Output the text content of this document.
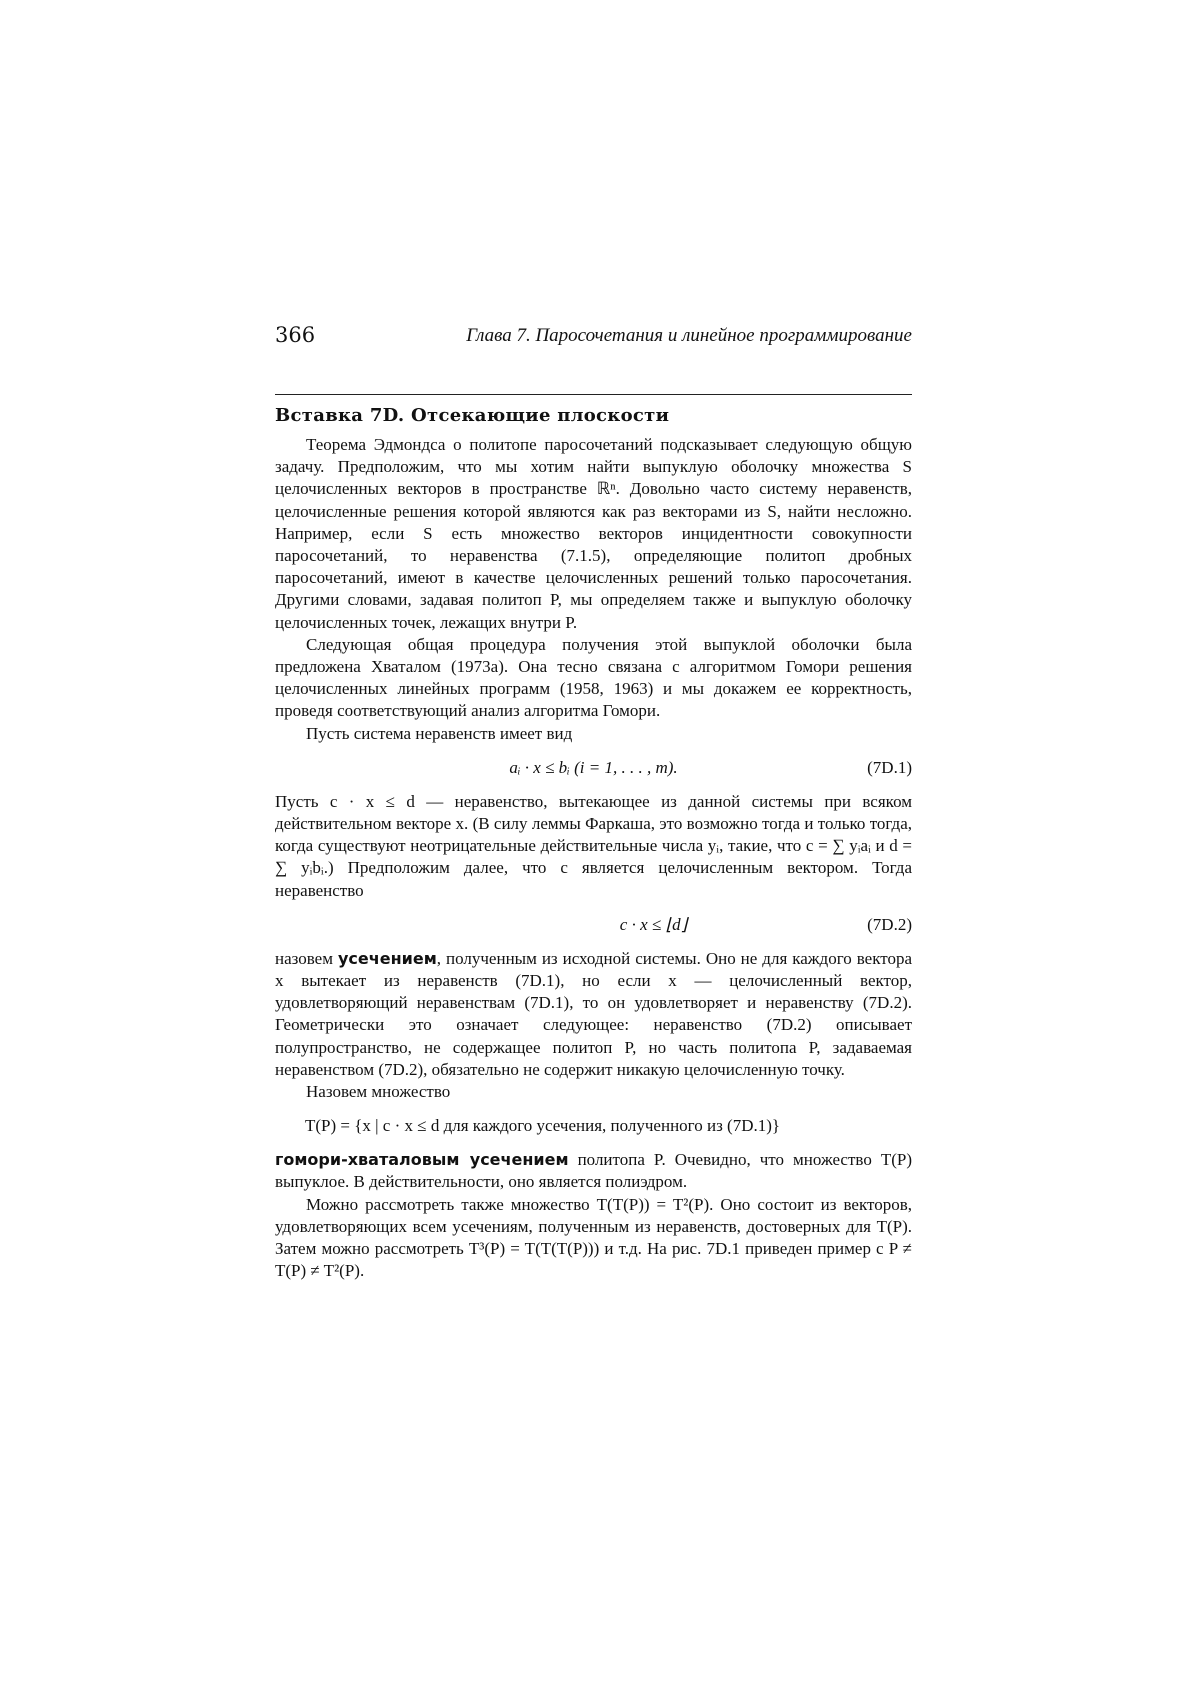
366	Глава 7. Паросочетания и линейное программирование
Вставка 7D. Отсекающие плоскости

Теорема Эдмондса о политопе паросочетаний подсказывает следующую общую задачу. Предположим, что мы хотим найти выпуклую оболочку множества S целочисленных векторов в пространстве ℝⁿ. Довольно часто систему неравенств, целочисленные решения которой являются как раз векторами из S, найти несложно. Например, если S есть множество векторов инцидентности совокупности паросочетаний, то неравенства (7.1.5), определяющие политоп дробных паросочетаний, имеют в качестве целочисленных решений только паросочетания. Другими словами, задавая политоп P, мы определяем также и выпуклую оболочку целочисленных точек, лежащих внутри P.

Следующая общая процедура получения этой выпуклой оболочки была предложена Хваталом (1973a). Она тесно связана с алгоритмом Гомори решения целочисленных линейных программ (1958, 1963) и мы докажем ее корректность, проведя соответствующий анализ алгоритма Гомори.

Пусть система неравенств имеет вид

aᵢ · x ≤ bᵢ (i = 1, . . . , m).	(7D.1)

Пусть c · x ≤ d — неравенство, вытекающее из данной системы при всяком действительном векторе x. (В силу леммы Фаркаша, это возможно тогда и только тогда, когда существуют неотрицательные действительные числа yᵢ, такие, что c = ∑ yᵢaᵢ и d = ∑ yᵢbᵢ.) Предположим далее, что c является целочисленным вектором. Тогда неравенство

c · x ≤ ⌊d⌋	(7D.2)

назовем усечением, полученным из исходной системы. Оно не для каждого вектора x вытекает из неравенств (7D.1), но если x — целочисленный вектор, удовлетворяющий неравенствам (7D.1), то он удовлетворяет и неравенству (7D.2). Геометрически это означает следующее: неравенство (7D.2) описывает полупространство, не содержащее политоп P, но часть политопа P, задаваемая неравенством (7D.2), обязательно не содержит никакую целочисленную точку.

Назовем множество

T(P) = {x | c · x ≤ d для каждого усечения, полученного из (7D.1)}

гомори-хваталовым усечением политопа P. Очевидно, что множество T(P) выпуклое. В действительности, оно является полиэдром.

Можно рассмотреть также множество T(T(P)) = T²(P). Оно состоит из векторов, удовлетворяющих всем усечениям, полученным из неравенств, достоверных для T(P). Затем можно рассмотреть T³(P) = T(T(T(P))) и т.д. На рис. 7D.1 приведен пример с P ≠ T(P) ≠ T²(P).
